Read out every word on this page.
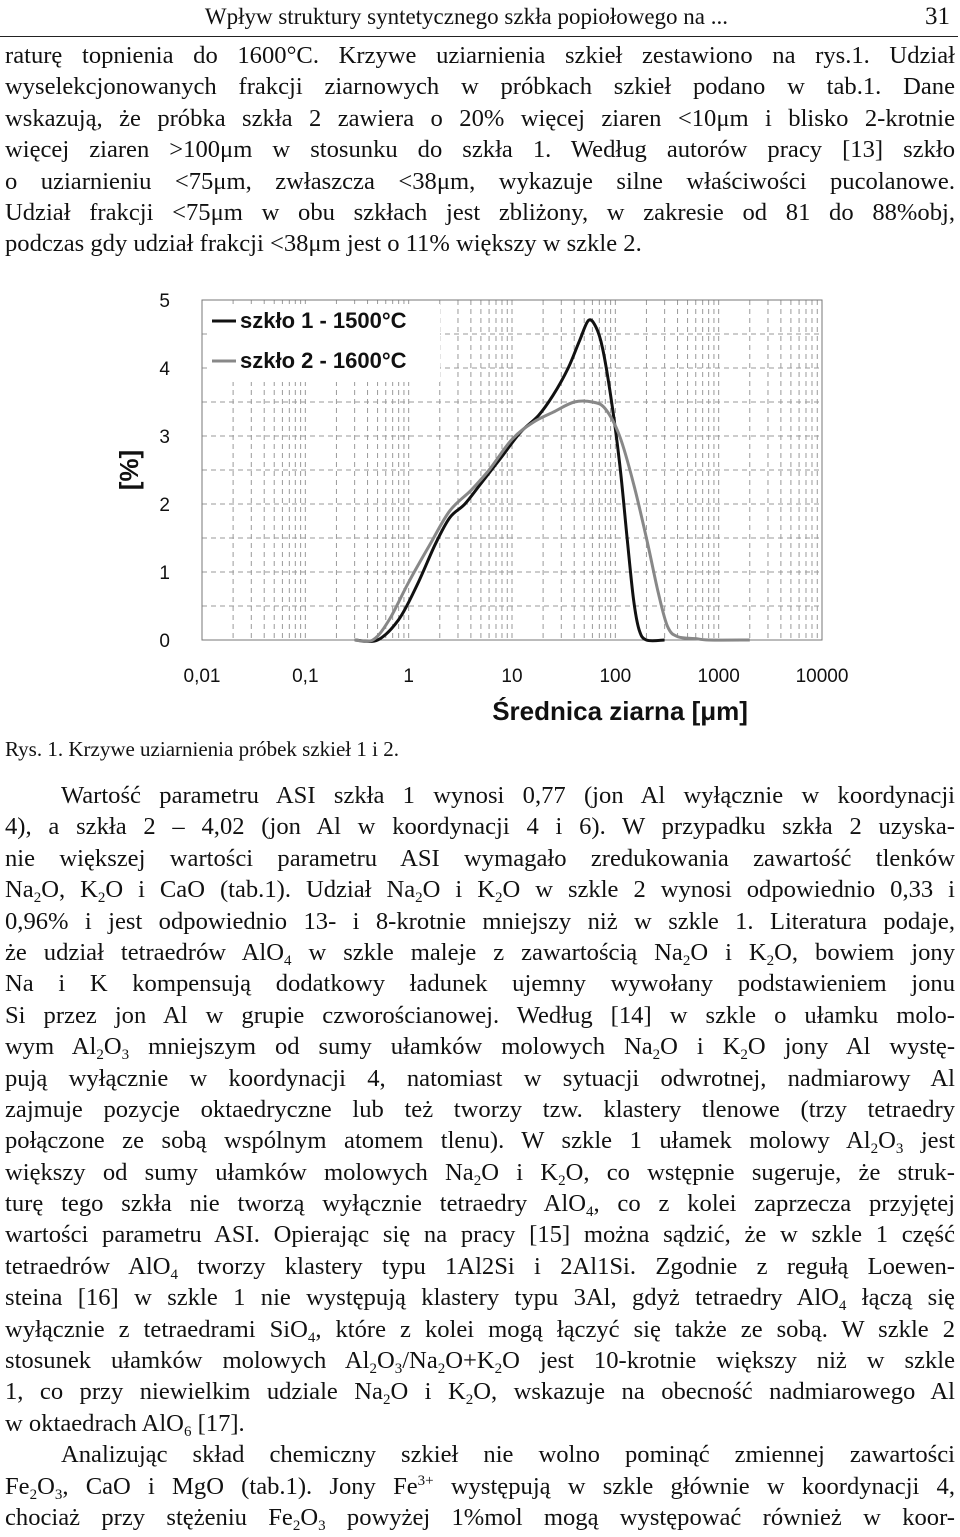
Wpływ struktury syntetycznego szkła popiołowego na ...	31
raturę topnienia do 1600°C. Krzywe uziarnienia szkieł zestawiono na rys.1. Udział
wyselekcjonowanych frakcji ziarnowych w próbkach szkieł podano w tab.1. Dane
wskazują, że próbka szkła 2 zawiera o 20% więcej ziaren <10μm i blisko 2-krotnie
więcej ziaren >100μm w stosunku do szkła 1. Według autorów pracy [13] szkło
o uziarnieniu <75μm, zwłaszcza <38μm, wykazuje silne właściwości pucolanowe.
Udział frakcji <75μm w obu szkłach jest zbliżony, w zakresie od 81 do 88%obj,
podczas gdy udział frakcji <38μm jest o 11% większy w szkle 2.
0
1
2
3
4
5
0,01	0,1	1	10	100	1000	10000
Średnica ziarna [μm]
[%]
szkło 1 - 1500°C
szkło 2 - 1600°C
Rys. 1. Krzywe uziarnienia próbek szkieł 1 i 2.
Wartość parametru ASI szkła 1 wynosi 0,77 (jon Al wyłącznie w koordynacji
4), a szkła 2 – 4,02 (jon Al w koordynacji 4 i 6). W przypadku szkła 2 uzyska-
nie większej wartości parametru ASI wymagało zredukowania zawartość tlenków
$Na_2O$, $K_2O$ i CaO (tab.1). Udział $Na_2O$ i $K_2O$ w szkle 2 wynosi odpowiednio 0,33 i
0,96% i jest odpowiednio 13- i 8-krotnie mniejszy niż w szkle 1. Literatura podaje,
że udział tetraedrów AlO$_4$ w szkle maleje z zawartością $Na_2O$ i $K_2O$, bowiem jony
Na i K kompensują dodatkowy ładunek ujemny wywołany podstawieniem jonu
Si przez jon Al w grupie czworościanowej. Według [14] w szkle o ułamku molo-
wym $Al_2O_3$ mniejszym od sumy ułamków molowych $Na_2O$ i $K_2O$ jony Al wystę-
pują wyłącznie w koordynacji 4, natomiast w sytuacji odwrotnej, nadmiarowy Al
zajmuje pozycje oktaedryczne lub też tworzy tzw. klastery tlenowe (trzy tetraedry
połączone ze sobą wspólnym atomem tlenu). W szkle 1 ułamek molowy $Al_2O_3$ jest
większy od sumy ułamków molowych $Na_2O$ i $K_2O$, co wstępnie sugeruje, że struk-
turę tego szkła nie tworzą wyłącznie tetraedry AlO$_4$, co z kolei zaprzecza przyjętej
wartości parametru ASI. Opierając się na pracy [15] można sądzić, że w szkle 1 część
tetraedrów AlO$_4$ tworzy klastery typu 1Al2Si i 2Al1Si. Zgodnie z regułą Loewen-
steina [16] w szkle 1 nie występują klastery typu 3Al, gdyż tetraedry AlO$_4$ łączą się
wyłącznie z tetraedrami SiO$_4$, które z kolei mogą łączyć się także ze sobą. W szkle 2
stosunek ułamków molowych $Al_2O_3/Na_2O+K_2O$ jest 10-krotnie większy niż w szkle
1, co przy niewielkim udziale $Na_2O$ i $K_2O$, wskazuje na obecność nadmiarowego Al
w oktaedrach AlO$_6$ [17].
Analizując skład chemiczny szkieł nie wolno pominąć zmiennej zawartości
$Fe_2O_3$, CaO i MgO (tab.1). Jony $Fe^{3+}$ występują w szkle głównie w koordynacji 4,
chociaż przy stężeniu $Fe_2O_3$ powyżej 1%mol mogą występować również w koor-
